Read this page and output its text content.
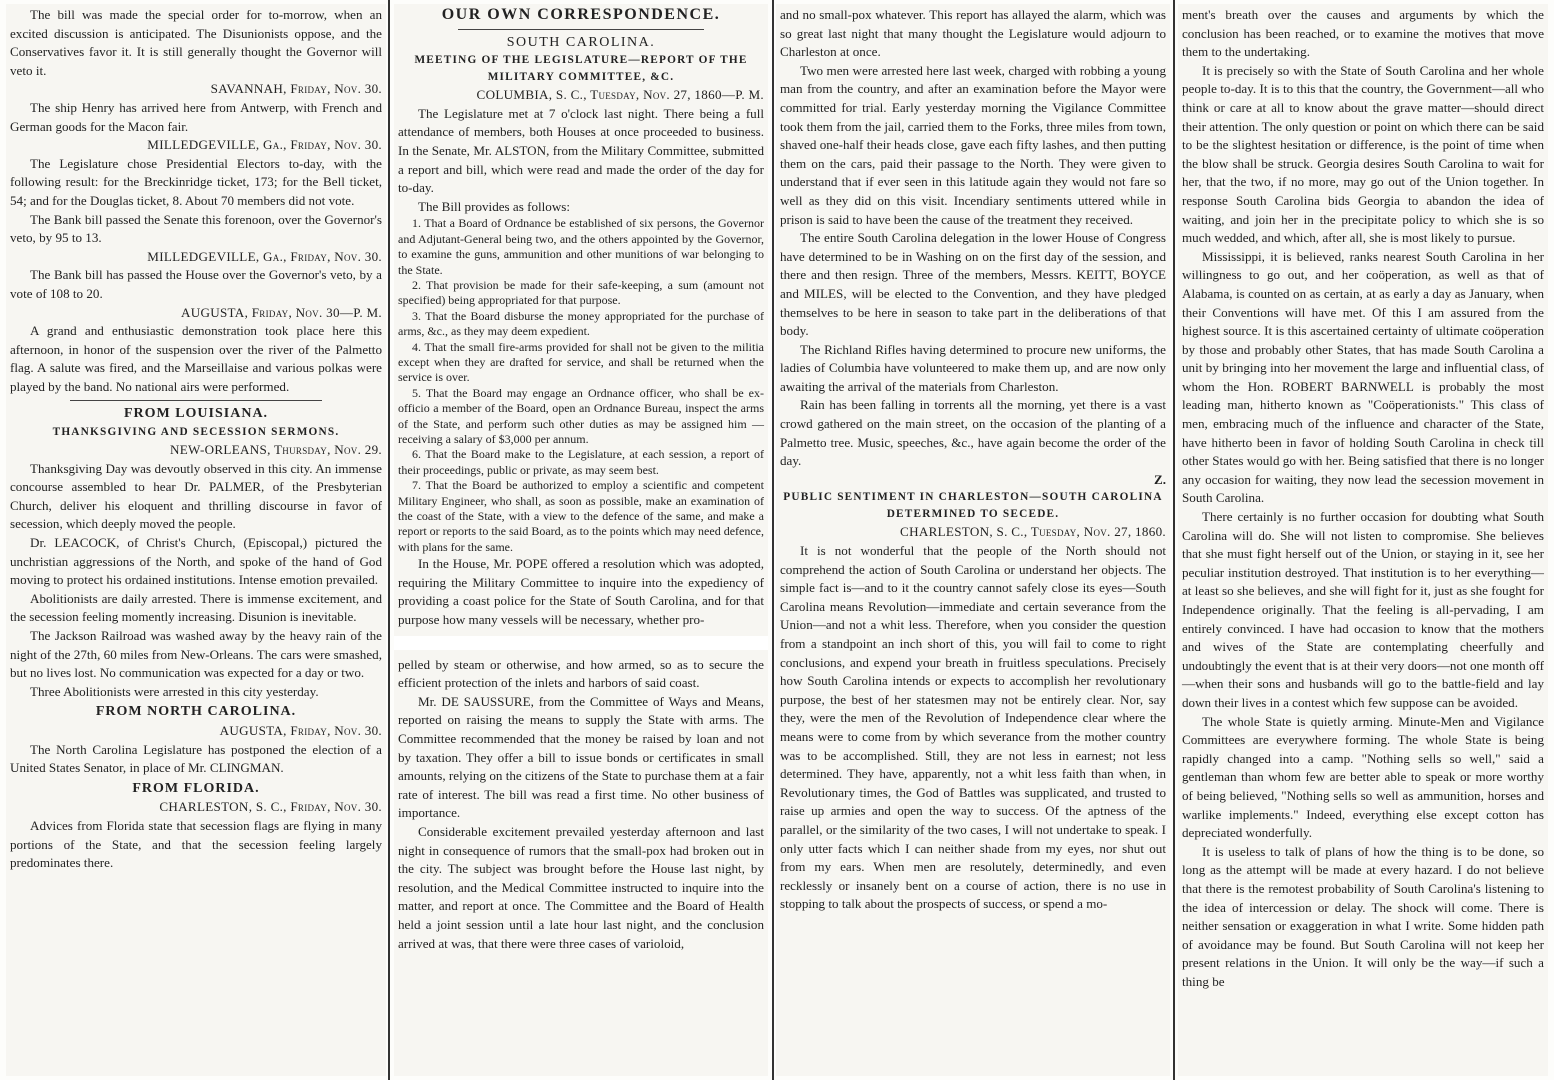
The bill was made the special order for to-morrow, when an excited discussion is anticipated. The Disunionists oppose, and the Conservatives favor it. It is still generally thought the Governor will veto it.

SAVANNAH, Friday, Nov. 30.

The ship Henry has arrived here from Antwerp, with French and German goods for the Macon fair.

MILLEDGEVILLE, Ga., Friday, Nov. 30.

The Legislature chose Presidential Electors to-day, with the following result: for the Breckinridge ticket, 173; for the Bell ticket, 54; and for the Douglas ticket, 8. About 70 members did not vote.

The Bank bill passed the Senate this forenoon, over the Governor's veto, by 95 to 13.

MILLEDGEVILLE, Ga., Friday, Nov. 30.

The Bank bill has passed the House over the Governor's veto, by a vote of 108 to 20.

AUGUSTA, Friday, Nov. 30—P. M.

A grand and enthusiastic demonstration took place here this afternoon, in honor of the suspension over the river of the Palmetto flag. A salute was fired, and the Marseillaise and various polkas were played by the band. No national airs were performed.

FROM LOUISIANA.

THANKSGIVING AND SECESSION SERMONS.

NEW-ORLEANS, Thursday, Nov. 29.

Thanksgiving Day was devoutly observed in this city. An immense concourse assembled to hear Dr. PALMER, of the Presbyterian Church, deliver his eloquent and thrilling discourse in favor of secession, which deeply moved the people.

Dr. LEACOCK, of Christ's Church, (Episcopal,) pictured the unchristian aggressions of the North, and spoke of the hand of God moving to protect his ordained institutions. Intense emotion prevailed.

Abolitionists are daily arrested. There is immense excitement, and the secession feeling momently increasing. Disunion is inevitable.

The Jackson Railroad was washed away by the heavy rain of the night of the 27th, 60 miles from New-Orleans. The cars were smashed, but no lives lost. No communication was expected for a day or two.

Three Abolitionists were arrested in this city yesterday.

FROM NORTH CAROLINA.

AUGUSTA, Friday, Nov. 30.

The North Carolina Legislature has postponed the election of a United States Senator, in place of Mr. CLINGMAN.

FROM FLORIDA.

CHARLESTON, S. C., Friday, Nov. 30.

Advices from Florida state that secession flags are flying in many portions of the State, and that the secession feeling largely predominates there.

OUR OWN CORRESPONDENCE.

SOUTH CAROLINA.

MEETING OF THE LEGISLATURE—REPORT OF THE MILITARY COMMITTEE, &C.

COLUMBIA, S. C., Tuesday, Nov. 27, 1860—P. M.

The Legislature met at 7 o'clock last night. There being a full attendance of members, both Houses at once proceeded to business. In the Senate, Mr. ALSTON, from the Military Committee, submitted a report and bill, which were read and made the order of the day for to-day.

The Bill provides as follows:

1. That a Board of Ordnance be established of six persons, the Governor and Adjutant-General being two, and the others appointed by the Governor, to examine the guns, ammunition and other munitions of war belonging to the State.

2. That provision be made for their safe-keeping, a sum (amount not specified) being appropriated for that purpose.

3. That the Board disburse the money appropriated for the purchase of arms, &c., as they may deem expedient.

4. That the small fire-arms provided for shall not be given to the militia except when they are drafted for service, and shall be returned when the service is over.

5. That the Board may engage an Ordnance officer, who shall be ex-officio a member of the Board, open an Ordnance Bureau, inspect the arms of the State, and perform such other duties as may be assigned him —receiving a salary of $3,000 per annum.

6. That the Board make to the Legislature, at each session, a report of their proceedings, public or private, as may seem best.

7. That the Board be authorized to employ a scientific and competent Military Engineer, who shall, as soon as possible, make an examination of the coast of the State, with a view to the defence of the same, and make a report or reports to the said Board, as to the points which may need defence, with plans for the same.

In the House, Mr. POPE offered a resolution which was adopted, requiring the Military Committee to inquire into the expediency of providing a coast police for the State of South Carolina, and for that purpose how many vessels will be necessary, whether pro-

pelled by steam or otherwise, and how armed, so as to secure the efficient protection of the inlets and harbors of said coast.

Mr. DE SAUSSURE, from the Committee of Ways and Means, reported on raising the means to supply the State with arms. The Committee recommended that the money be raised by loan and not by taxation. They offer a bill to issue bonds or certificates in small amounts, relying on the citizens of the State to purchase them at a fair rate of interest. The bill was read a first time. No other business of importance.

Considerable excitement prevailed yesterday afternoon and last night in consequence of rumors that the small-pox had broken out in the city. The subject was brought before the House last night, by resolution, and the Medical Committee instructed to inquire into the matter, and report at once. The Committee and the Board of Health held a joint session until a late hour last night, and the conclusion arrived at was, that there were three cases of varioloid,

and no small-pox whatever. This report has allayed the alarm, which was so great last night that many thought the Legislature would adjourn to Charleston at once.

Two men were arrested here last week, charged with robbing a young man from the country, and after an examination before the Mayor were committed for trial. Early yesterday morning the Vigilance Committee took them from the jail, carried them to the Forks, three miles from town, shaved one-half their heads close, gave each fifty lashes, and then putting them on the cars, paid their passage to the North. They were given to understand that if ever seen in this latitude again they would not fare so well as they did on this visit. Incendiary sentiments uttered while in prison is said to have been the cause of the treatment they received.

The entire South Carolina delegation in the lower House of Congress have determined to be in Washing on on the first day of the session, and there and then resign. Three of the members, Messrs. KEITT, BOYCE and MILES, will be elected to the Convention, and they have pledged themselves to be here in season to take part in the deliberations of that body.

The Richland Rifles having determined to procure new uniforms, the ladies of Columbia have volunteered to make them up, and are now only awaiting the arrival of the materials from Charleston.

Rain has been falling in torrents all the morning, yet there is a vast crowd gathered on the main street, on the occasion of the planting of a Palmetto tree. Music, speeches, &c., have again become the order of the day.

Z.

PUBLIC SENTIMENT IN CHARLESTON—SOUTH CAROLINA DETERMINED TO SECEDE.

CHARLESTON, S. C., Tuesday, Nov. 27, 1860.

It is not wonderful that the people of the North should not comprehend the action of South Carolina or understand her objects. The simple fact is—and to it the country cannot safely close its eyes—South Carolina means Revolution—immediate and certain severance from the Union—and not a whit less. Therefore, when you consider the question from a standpoint an inch short of this, you will fail to come to right conclusions, and expend your breath in fruitless speculations. Precisely how South Carolina intends or expects to accomplish her revolutionary purpose, the best of her statesmen may not be entirely clear. Nor, say they, were the men of the Revolution of Independence clear where the means were to come from by which severance from the mother country was to be accomplished. Still, they are not less in earnest; not less determined. They have, apparently, not a whit less faith than when, in Revolutionary times, the God of Battles was supplicated, and trusted to raise up armies and open the way to success. Of the aptness of the parallel, or the similarity of the two cases, I will not undertake to speak. I only utter facts which I can neither shade from my eyes, nor shut out from my ears. When men are resolutely, determinedly, and even recklessly or insanely bent on a course of action, there is no use in stopping to talk about the prospects of success, or spend a mo-

ment's breath over the causes and arguments by which the conclusion has been reached, or to examine the motives that move them to the undertaking.

It is precisely so with the State of South Carolina and her whole people to-day. It is to this that the country, the Government—all who think or care at all to know about the grave matter—should direct their attention. The only question or point on which there can be said to be the slightest hesitation or difference, is the point of time when the blow shall be struck. Georgia desires South Carolina to wait for her, that the two, if no more, may go out of the Union together. In response South Carolina bids Georgia to abandon the idea of waiting, and join her in the precipitate policy to which she is so much wedded, and which, after all, she is most likely to pursue.

Mississippi, it is believed, ranks nearest South Carolina in her willingness to go out, and her coöperation, as well as that of Alabama, is counted on as certain, at as early a day as January, when their Conventions will have met. Of this I am assured from the highest source. It is this ascertained certainty of ultimate coöperation by those and probably other States, that has made South Carolina a unit by bringing into her movement the large and influential class, of whom the Hon. ROBERT BARNWELL is probably the most leading man, hitherto known as "Coöperationists." This class of men, embracing much of the influence and character of the State, have hitherto been in favor of holding South Carolina in check till other States would go with her. Being satisfied that there is no longer any occasion for waiting, they now lead the secession movement in South Carolina.

There certainly is no further occasion for doubting what South Carolina will do. She will not listen to compromise. She believes that she must fight herself out of the Union, or staying in it, see her peculiar institution destroyed. That institution is to her everything—at least so she believes, and she will fight for it, just as she fought for Independence originally. That the feeling is all-pervading, I am entirely convinced. I have had occasion to know that the mothers and wives of the State are contemplating cheerfully and undoubtingly the event that is at their very doors—not one month off—when their sons and husbands will go to the battle-field and lay down their lives in a contest which few suppose can be avoided.

The whole State is quietly arming. Minute-Men and Vigilance Committees are everywhere forming. The whole State is being rapidly changed into a camp. "Nothing sells so well," said a gentleman than whom few are better able to speak or more worthy of being believed, "Nothing sells so well as ammunition, horses and warlike implements." Indeed, everything else except cotton has depreciated wonderfully.

It is useless to talk of plans of how the thing is to be done, so long as the attempt will be made at every hazard. I do not believe that there is the remotest probability of South Carolina's listening to the idea of intercession or delay. The shock will come. There is neither sensation or exaggeration in what I write. Some hidden path of avoidance may be found. But South Carolina will not keep her present relations in the Union. It will only be the way—if such a thing be
